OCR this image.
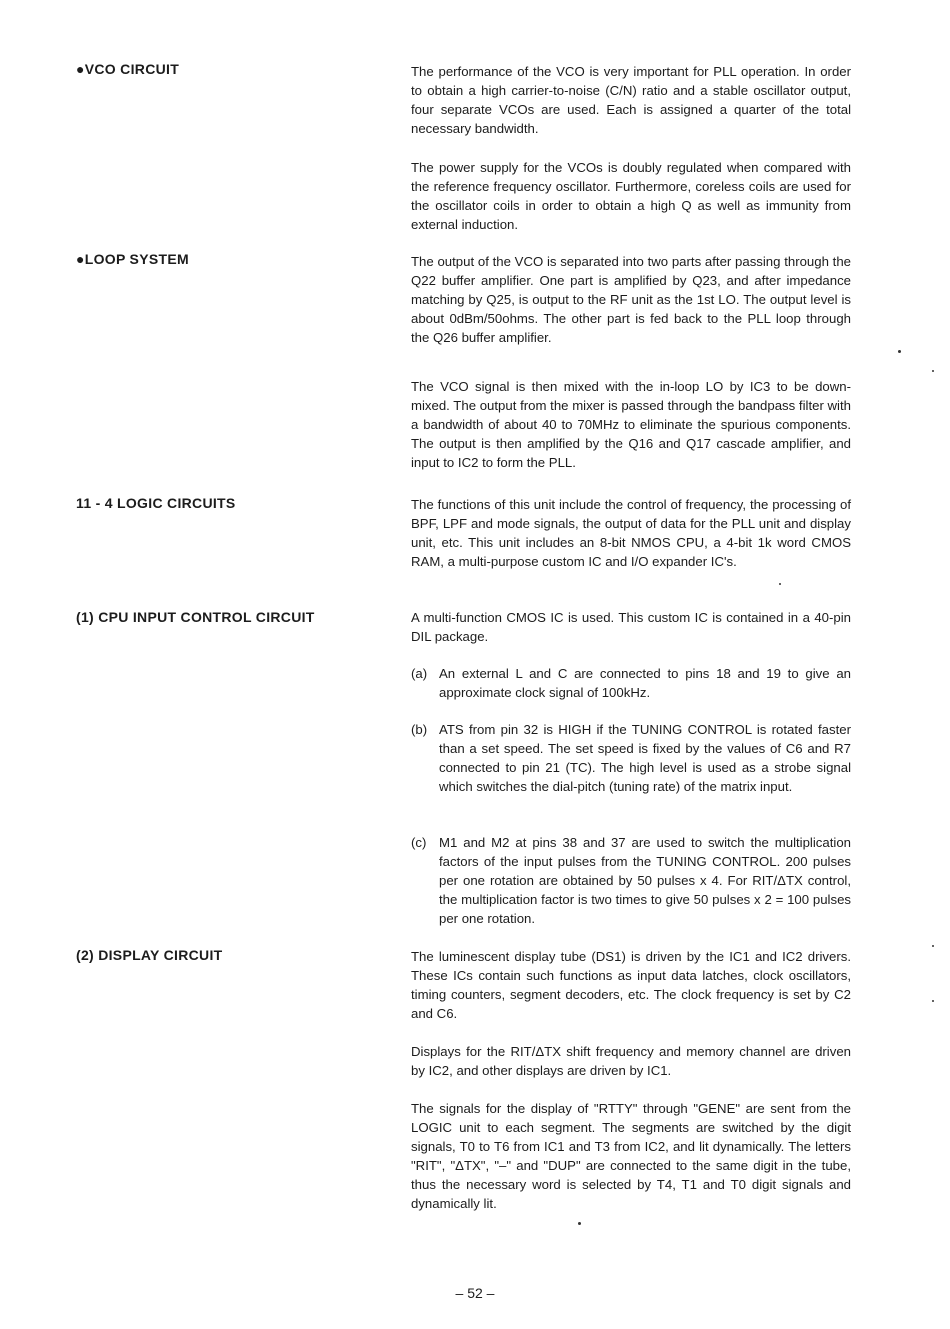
●VCO CIRCUIT	The performance of the VCO is very important for PLL operation. In order to obtain a high carrier-to-noise (C/N) ratio and a stable oscillator output, four separate VCOs are used. Each is assigned a quarter of the total necessary bandwidth.

The power supply for the VCOs is doubly regulated when compared with the reference frequency oscillator. Furthermore, coreless coils are used for the oscillator coils in order to obtain a high Q as well as immunity from external induction.

●LOOP SYSTEM	The output of the VCO is separated into two parts after passing through the Q22 buffer amplifier. One part is amplified by Q23, and after impedance matching by Q25, is output to the RF unit as the 1st LO. The output level is about 0dBm/50ohms. The other part is fed back to the PLL loop through the Q26 buffer amplifier.

The VCO signal is then mixed with the in-loop LO by IC3 to be down-mixed. The output from the mixer is passed through the bandpass filter with a bandwidth of about 40 to 70MHz to eliminate the spurious components. The output is then amplified by the Q16 and Q17 cascade amplifier, and input to IC2 to form the PLL.

11 - 4 LOGIC CIRCUITS	The functions of this unit include the control of frequency, the processing of BPF, LPF and mode signals, the output of data for the PLL unit and display unit, etc. This unit includes an 8-bit NMOS CPU, a 4-bit 1k word CMOS RAM, a multi-purpose custom IC and I/O expander IC's.

(1) CPU INPUT CONTROL CIRCUIT	A multi-function CMOS IC is used. This custom IC is contained in a 40-pin DIL package.

(a) An external L and C are connected to pins 18 and 19 to give an approximate clock signal of 100kHz.
(b) ATS from pin 32 is HIGH if the TUNING CONTROL is rotated faster than a set speed. The set speed is fixed by the values of C6 and R7 connected to pin 21 (TC). The high level is used as a strobe signal which switches the dial-pitch (tuning rate) of the matrix input.
(c) M1 and M2 at pins 38 and 37 are used to switch the multiplication factors of the input pulses from the TUNING CONTROL. 200 pulses per one rotation are obtained by 50 pulses x 4. For RIT/ΔTX control, the multiplication factor is two times to give 50 pulses x 2 = 100 pulses per one rotation.
(2) DISPLAY CIRCUIT	The luminescent display tube (DS1) is driven by the IC1 and IC2 drivers. These ICs contain such functions as input data latches, clock oscillators, timing counters, segment decoders, etc. The clock frequency is set by C2 and C6.

Displays for the RIT/ΔTX shift frequency and memory channel are driven by IC2, and other displays are driven by IC1.

The signals for the display of "RTTY" through "GENE" are sent from the LOGIC unit to each segment. The segments are switched by the digit signals, T0 to T6 from IC1 and T3 from IC2, and lit dynamically. The letters "RIT", "ΔTX", "–" and "DUP" are connected to the same digit in the tube, thus the necessary word is selected by T4, T1 and T0 digit signals and dynamically lit.

– 52 –
